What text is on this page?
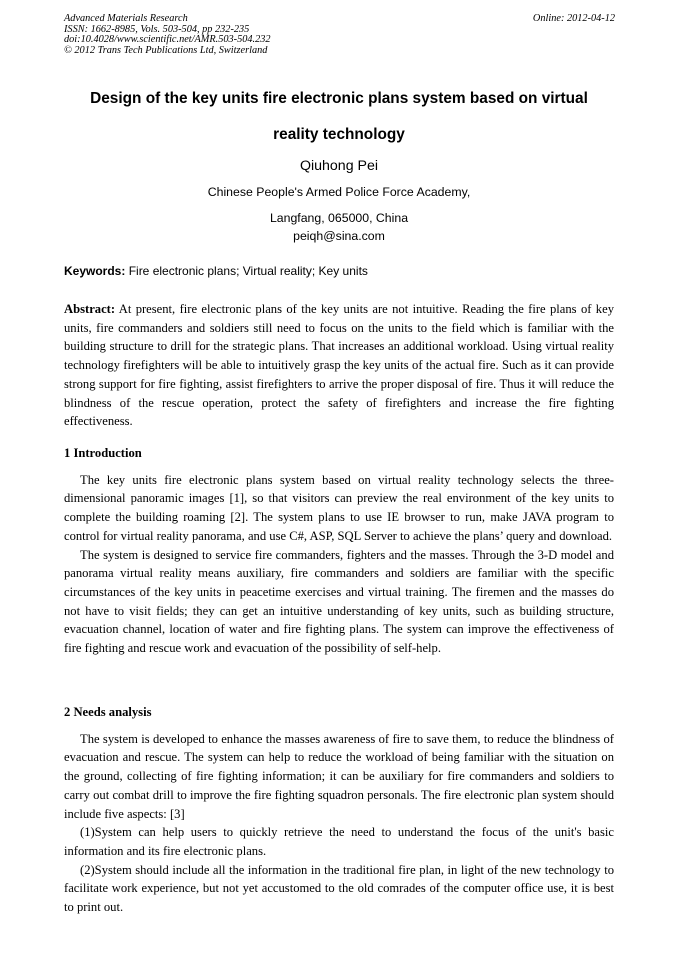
Advanced Materials Research
ISSN: 1662-8985, Vols. 503-504, pp 232-235
doi:10.4028/www.scientific.net/AMR.503-504.232
© 2012 Trans Tech Publications Ltd, Switzerland
Online: 2012-04-12
Design of the key units fire electronic plans system based on virtual
reality technology
Qiuhong Pei
Chinese People's Armed Police Force Academy,
Langfang, 065000, China
peiqh@sina.com
Keywords: Fire electronic plans; Virtual reality; Key units
Abstract: At present, fire electronic plans of the key units are not intuitive. Reading the fire plans of key units, fire commanders and soldiers still need to focus on the units to the field which is familiar with the building structure to drill for the strategic plans. That increases an additional workload. Using virtual reality technology firefighters will be able to intuitively grasp the key units of the actual fire. Such as it can provide strong support for fire fighting, assist firefighters to arrive the proper disposal of fire. Thus it will reduce the blindness of the rescue operation, protect the safety of firefighters and increase the fire fighting effectiveness.
1 Introduction

The key units fire electronic plans system based on virtual reality technology selects the three-dimensional panoramic images [1], so that visitors can preview the real environment of the key units to complete the building roaming [2]. The system plans to use IE browser to run, make JAVA program to control for virtual reality panorama, and use C#, ASP, SQL Server to achieve the plans’ query and download.

The system is designed to service fire commanders, fighters and the masses. Through the 3-D model and panorama virtual reality means auxiliary, fire commanders and soldiers are familiar with the specific circumstances of the key units in peacetime exercises and virtual training. The firemen and the masses do not have to visit fields; they can get an intuitive understanding of key units, such as building structure, evacuation channel, location of water and fire fighting plans. The system can improve the effectiveness of fire fighting and rescue work and evacuation of the possibility of self-help.

2 Needs analysis

The system is developed to enhance the masses awareness of fire to save them, to reduce the blindness of evacuation and rescue. The system can help to reduce the workload of being familiar with the situation on the ground, collecting of fire fighting information; it can be auxiliary for fire commanders and soldiers to carry out combat drill to improve the fire fighting squadron personals. The fire electronic plan system should include five aspects: [3]

(1)System can help users to quickly retrieve the need to understand the focus of the unit's basic information and its fire electronic plans.

(2)System should include all the information in the traditional fire plan, in light of the new technology to facilitate work experience, but not yet accustomed to the old comrades of the computer office use, it is best to print out.
